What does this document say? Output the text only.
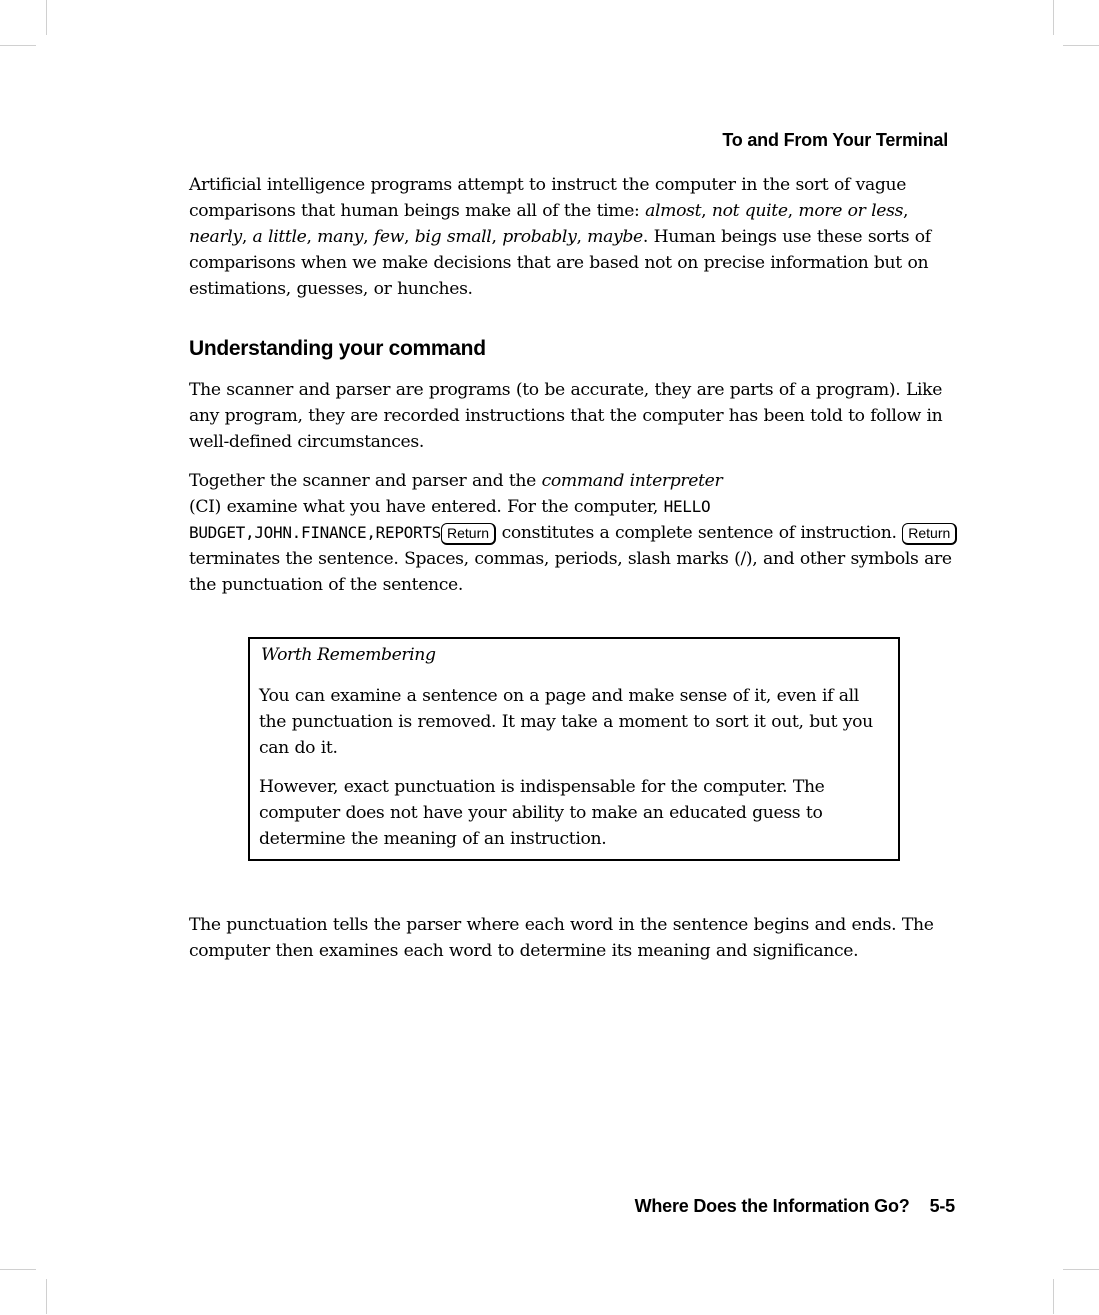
To and From Your Terminal

Artificial intelligence programs attempt to instruct the computer in the sort of vague comparisons that human beings make all of the time: almost, not quite, more or less, nearly, a little, many, few, big small, probably, maybe. Human beings use these sorts of comparisons when we make decisions that are based not on precise information but on estimations, guesses, or hunches.

Understanding your command

The scanner and parser are programs (to be accurate, they are parts of a program). Like any program, they are recorded instructions that the computer has been told to follow in well-defined circumstances.

Together the scanner and parser and the command interpreter
(CI) examine what you have entered. For the computer, HELLO BUDGET,JOHN.FINANCE,REPORTS Return constitutes a complete sentence of instruction. Return terminates the sentence. Spaces, commas, periods, slash marks (/), and other symbols are the punctuation of the sentence.

Worth Remembering

You can examine a sentence on a page and make sense of it, even if all the punctuation is removed. It may take a moment to sort it out, but you can do it.

However, exact punctuation is indispensable for the computer. The computer does not have your ability to make an educated guess to determine the meaning of an instruction.

The punctuation tells the parser where each word in the sentence begins and ends. The computer then examines each word to determine its meaning and significance.

Where Does the Information Go? 5-5
